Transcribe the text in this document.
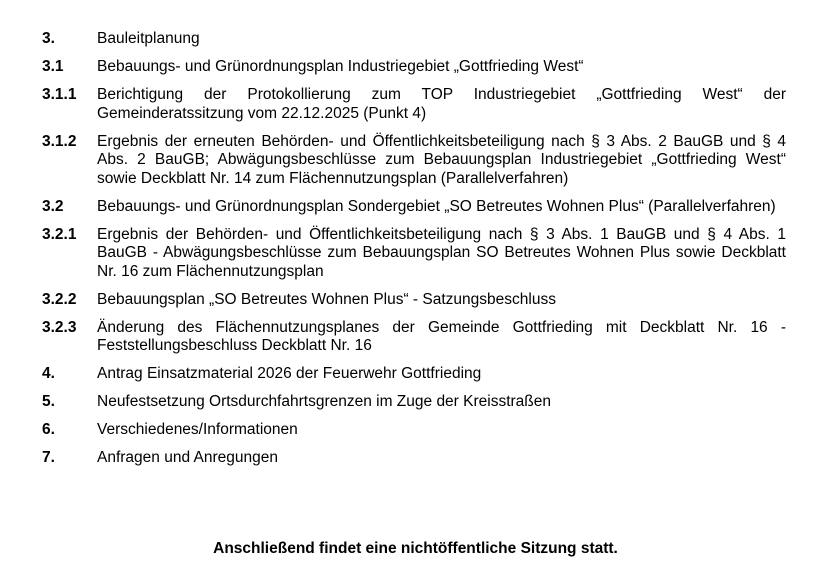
3.	Bauleitplanung
3.1	Bebauungs- und Grünordnungsplan Industriegebiet „Gottfrieding West“
3.1.1	Berichtigung der Protokollierung zum TOP Industriegebiet „Gottfrieding West“ der Gemeinderatssitzung vom 22.12.2025 (Punkt 4)
3.1.2	Ergebnis der erneuten Behörden- und Öffentlichkeitsbeteiligung nach § 3 Abs. 2 BauGB und § 4 Abs. 2 BauGB; Abwägungsbeschlüsse zum Bebauungsplan Industriegebiet „Gottfrieding West“ sowie Deckblatt Nr. 14 zum Flächennutzungsplan (Parallelverfahren)
3.2	Bebauungs- und Grünordnungsplan Sondergebiet „SO Betreutes Wohnen Plus“ (Parallelverfahren)
3.2.1	Ergebnis der Behörden- und Öffentlichkeitsbeteiligung nach § 3 Abs. 1 BauGB und § 4 Abs. 1 BauGB - Abwägungsbeschlüsse zum Bebauungsplan SO Betreutes Wohnen Plus sowie Deckblatt Nr. 16 zum Flächennutzungsplan
3.2.2	Bebauungsplan „SO Betreutes Wohnen Plus“ - Satzungsbeschluss
3.2.3	Änderung des Flächennutzungsplanes der Gemeinde Gottfrieding mit Deckblatt Nr. 16 - Feststellungsbeschluss Deckblatt Nr. 16
4.	Antrag Einsatzmaterial 2026 der Feuerwehr Gottfrieding
5.	Neufestsetzung Ortsdurchfahrtsgrenzen im Zuge der Kreisstraßen
6.	Verschiedenes/Informationen
7.	Anfragen und Anregungen
Anschließend findet eine nichtöffentliche Sitzung statt.
